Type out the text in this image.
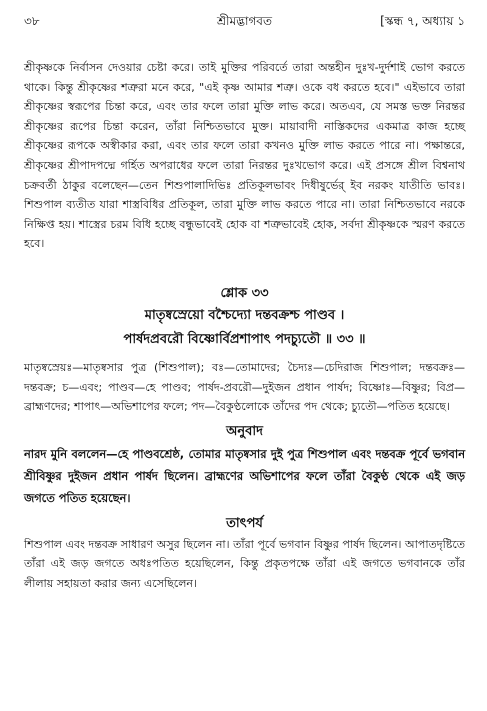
৩৮	শ্রীমদ্ভাগবত	[স্কন্ধ ৭, অধ্যায় ১

শ্রীকৃষ্ণকে নির্বাসন দেওয়ার চেষ্টা করে। তাই মুক্তির পরিবর্তে তারা অন্তহীন দুঃখ-দুর্দশাই ভোগ করতে থাকে। কিন্তু শ্রীকৃষ্ণের শত্রুরা মনে করে, "এই কৃষ্ণ আমার শত্রু। ওকে বধ করতে হবে।" এইভাবে তারা শ্রীকৃষ্ণের স্বরূপের চিন্তা করে, এবং তার ফলে তারা মুক্তি লাভ করে। অতএব, যে সমস্ত ভক্ত নিরন্তর শ্রীকৃষ্ণের রূপের চিন্তা করেন, তাঁরা নিশ্চিতভাবে মুক্ত। মায়াবাদী নাস্তিকদের একমাত্র কাজ হচ্ছে শ্রীকৃষ্ণের রূপকে অস্বীকার করা, এবং তার ফলে তারা কখনও মুক্তি লাভ করতে পারে না। পক্ষান্তরে, শ্রীকৃষ্ণের শ্রীপাদপদ্মে গর্হিত অপরাধের ফলে তারা নিরন্তর দুঃখভোগ করে। এই প্রসঙ্গে শ্রীল বিশ্বনাথ চক্রবর্তী ঠাকুর বলেছেন—তেন শিশুপালাদিভিঃ প্রতিকূলভাবং দিধীষুর্ভের্ ইব নরকং যাতীতি ভাবঃ। শিশুপাল ব্যতীত যারা শাস্ত্রবিধির প্রতিকূল, তারা মুক্তি লাভ করতে পারে না। তারা নিশ্চিতভাবে নরকে নিক্ষিপ্ত হয়। শাস্ত্রের চরম বিধি হচ্ছে বন্ধুভাবেই হোক বা শত্রুভাবেই হোক, সর্বদা শ্রীকৃষ্ণকে স্মরণ করতে হবে।

শ্লোক ৩৩
মাতৃষ্বস্রেয়ো বশ্চৈদ্যো দন্তবক্রশ্চ পাণ্ডব ।
পার্ষদপ্রবরৌ বিষ্ণোর্বিপ্রশাপাৎ পদচ্যুতৌ ॥ ৩৩ ॥

মাতৃষ্বস্রেয়ঃ—মাতৃষ্বসার পুত্র (শিশুপাল); বঃ—তোমাদের; চৈদ্যঃ—চেদিরাজ শিশুপাল; দন্তবক্রঃ—দন্তবক্র; চ—এবং; পাণ্ডব—হে পাণ্ডব; পার্ষদ-প্রবরৌ—দুইজন প্রধান পার্ষদ; বিষ্ণোঃ—বিষ্ণুর; বিপ্র—ব্রাহ্মণদের; শাপাৎ—অভিশাপের ফলে; পদ—বৈকুণ্ঠলোকে তাঁদের পদ থেকে; চ্যুতৌ—পতিত হয়েছে।

অনুবাদ

নারদ মুনি বললেন—হে পাণ্ডবশ্রেষ্ঠ, তোমার মাতৃষ্বসার দুই পুত্র শিশুপাল এবং দন্তবক্র পূর্বে ভগবান শ্রীবিষ্ণুর দুইজন প্রধান পার্ষদ ছিলেন। ব্রাহ্মণের অভিশাপের ফলে তাঁরা বৈকুণ্ঠ থেকে এই জড় জগতে পতিত হয়েছেন।

তাৎপর্য

শিশুপাল এবং দন্তবক্র সাধারণ অসুর ছিলেন না। তাঁরা পূর্বে ভগবান বিষ্ণুর পার্ষদ ছিলেন। আপাতদৃষ্টিতে তাঁরা এই জড় জগতে অধঃপতিত হয়েছিলেন, কিন্তু প্রকৃতপক্ষে তাঁরা এই জগতে ভগবানকে তাঁর লীলায় সহায়তা করার জন্য এসেছিলেন।
